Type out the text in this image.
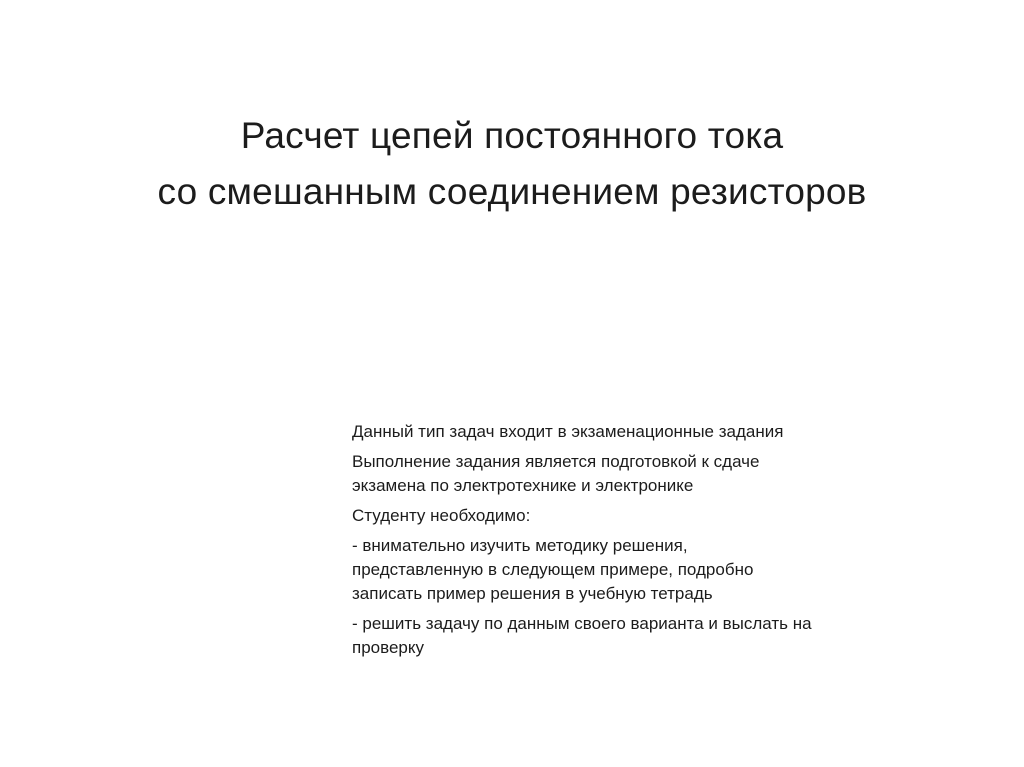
Расчет цепей постоянного тока
со смешанным соединением резисторов
Данный тип задач входит в экзаменационные задания
Выполнение задания является подготовкой к сдаче
экзамена по электротехнике и электронике
Студенту необходимо:
- внимательно изучить методику решения,
представленную в следующем примере, подробно
записать пример решения в учебную тетрадь
- решить задачу по данным своего варианта и выслать на
проверку
